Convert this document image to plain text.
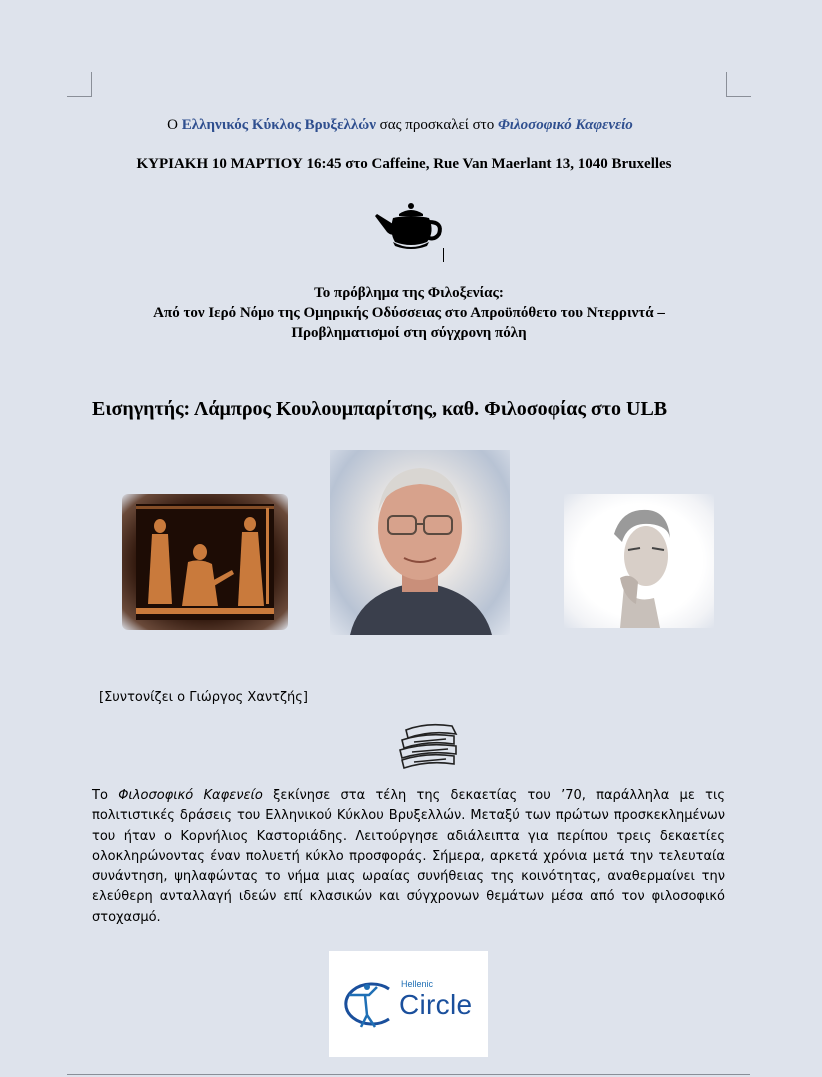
Ο Ελληνικός Κύκλος Βρυξελλών σας προσκαλεί στο Φιλοσοφικό Καφενείο
ΚΥΡΙΑΚΗ 10 ΜΑΡΤΙΟΥ 16:45 στο Caffeine, Rue Van Maerlant 13, 1040 Bruxelles
Το πρόβλημα της Φιλοξενίας:
Από τον Ιερό Νόμο της Ομηρικής Οδύσσειας στο Απροϋπόθετο του Ντερριντά –
Προβληματισμοί στη σύγχρονη πόλη
Εισηγητής: Λάμπρος Κουλουμπαρίτσης, καθ. Φιλοσοφίας στο ULB
[Συντονίζει ο Γιώργος Χαντζής]
Το Φιλοσοφικό Καφενείο ξεκίνησε στα τέλη της δεκαετίας του ’70, παράλληλα με τις πολιτιστικές δράσεις του Ελληνικού Κύκλου Βρυξελλών. Μεταξύ των πρώτων προσκεκλημένων του ήταν ο Κορνήλιος Καστοριάδης. Λειτούργησε αδιάλειπτα για περίπου τρεις δεκαετίες ολοκληρώνοντας έναν πολυετή κύκλο προσφοράς. Σήμερα, αρκετά χρόνια μετά την τελευταία συνάντηση, ψηλαφώντας το νήμα μιας ωραίας συνήθειας της κοινότητας, αναθερμαίνει την ελεύθερη ανταλλαγή ιδεών επί κλασικών και σύγχρονων θεμάτων μέσα από τον φιλοσοφικό στοχασμό.
Hellenic
Circle
